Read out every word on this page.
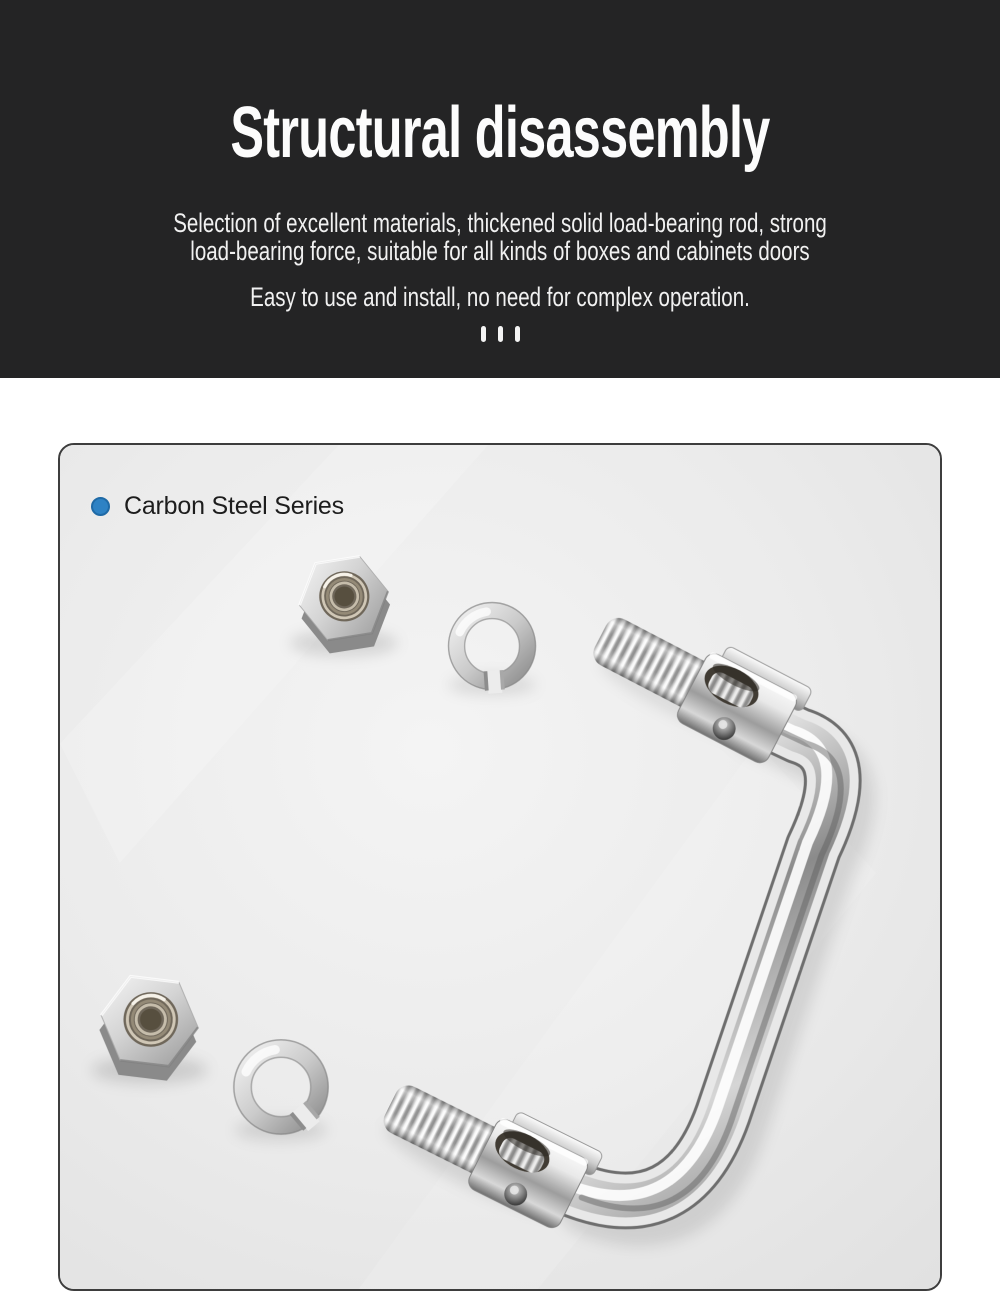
Structural disassembly
Selection of excellent materials, thickened solid load-bearing rod, strong
load-bearing force, suitable for all kinds of boxes and cabinets doors
Easy to use and install, no need for complex operation.
Carbon Steel Series
